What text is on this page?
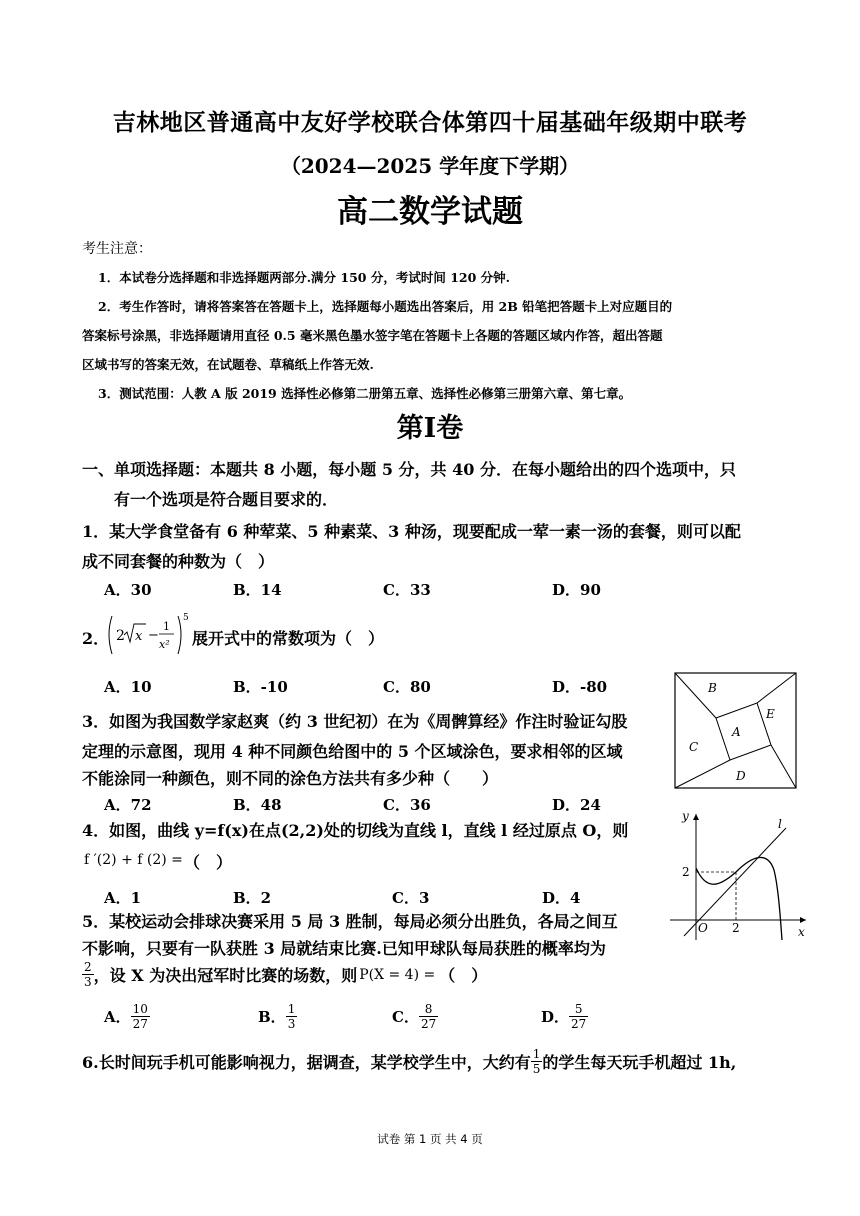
吉林地区普通高中友好学校联合体第四十届基础年级期中联考
（2024—2025 学年度下学期）
高二数学试题
考生注意：
1．本试卷分选择题和非选择题两部分.满分 150 分，考试时间 120 分钟.
2．考生作答时，请将答案答在答题卡上，选择题每小题选出答案后，用 2B 铅笔把答题卡上对应题目的
答案标号涂黑，非选择题请用直径 0.5 毫米黑色墨水签字笔在答题卡上各题的答题区域内作答，超出答题
区域书写的答案无效，在试题卷、草稿纸上作答无效.
3．测试范围：人教 A 版 2019 选择性必修第二册第五章、选择性必修第三册第六章、第七章。
第Ⅰ卷
一、单项选择题：本题共 8 小题，每小题 5 分，共 40 分．在每小题给出的四个选项中，只
有一个选项是符合题目要求的．
1．某大学食堂备有 6 种荤菜、5 种素菜、3 种汤，现要配成一荤一素一汤的套餐，则可以配
成不同套餐的种数为（　）
A．30	B．14	C．33	D．90
2． 2 x −
1
x²
5
展开式中的常数项为（　）
A．10	B．-10	C．80	D．-80	B
E
A
C
D
3．如图为我国数学家赵爽（约 3 世纪初）在为《周髀算经》作注时验证勾股
定理的示意图，现用 4 种不同颜色给图中的 5 个区域涂色，要求相邻的区域
不能涂同一种颜色，则不同的涂色方法共有多少种（　　）
A．72	B．48	C．36	D．24
y
x
O
2
2
l
4．如图，曲线 y=f(x)在点(2,2)处的切线为直线 l，直线 l 经过原点 O，则
f ′(2) + f (2) = （　）
A．1	B．2	C．3	D．4
5．某校运动会排球决赛采用 5 局 3 胜制，每局必须分出胜负，各局之间互
不影响，只要有一队获胜 3 局就结束比赛.已知甲球队每局获胜的概率均为
$\frac{2}{3}$ ，设 X 为决出冠军时比赛的场数，则 P(X = 4) = （　）
A． $\frac{10}{27}$	B． $\frac{1}{3}$	C． $\frac{8}{27}$	D． $\frac{5}{27}$
6.长时间玩手机可能影响视力，据调查，某学校学生中，大约有 $\frac{1}{5}$ 的学生每天玩手机超过 1h,
试卷 第 1 页 共 4 页
